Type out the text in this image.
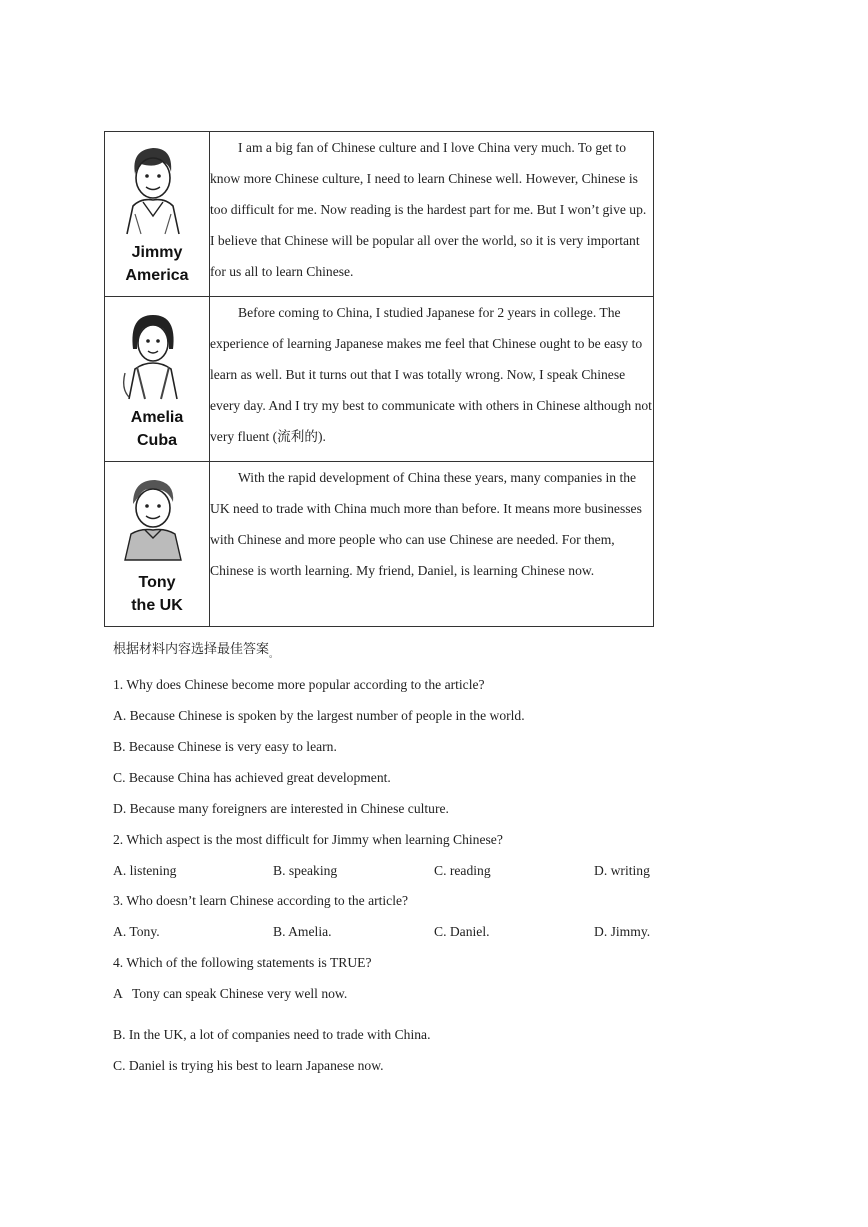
Jimmy
America	I am a big fan of Chinese culture and I love China very much. To get to know more Chinese culture, I need to learn Chinese well. However, Chinese is too difficult for me. Now reading is the hardest part for me. But I won’t give up. I believe that Chinese will be popular all over the world, so it is very important for us all to learn Chinese.

Amelia
Cuba	Before coming to China, I studied Japanese for 2 years in college. The experience of learning Japanese makes me feel that Chinese ought to be easy to learn as well. But it turns out that I was totally wrong. Now, I speak Chinese every day. And I try my best to communicate with others in Chinese although not very fluent (流利的).

Tony
the UK	With the rapid development of China these years, many companies in the UK need to trade with China much more than before. It means more businesses with Chinese and more people who can use Chinese are needed. For them, Chinese is worth learning. My friend, Daniel, is learning Chinese now.

根据材料内容选择最佳答案$_。$
1. Why does Chinese become more popular according to the article?
A. Because Chinese is spoken by the largest number of people in the world.
B. Because Chinese is very easy to learn.
C. Because China has achieved great development.
D. Because many foreigners are interested in Chinese culture.
2. Which aspect is the most difficult for Jimmy when learning Chinese?
A. listening	B. speaking	C. reading	D. writing
3. Who doesn’t learn Chinese according to the article?
A. Tony.	B. Amelia.	C. Daniel.	D. Jimmy.
4. Which of the following statements is TRUE?
A   Tony can speak Chinese very well now.
B. In the UK, a lot of companies need to trade with China.
C. Daniel is trying his best to learn Japanese now.
